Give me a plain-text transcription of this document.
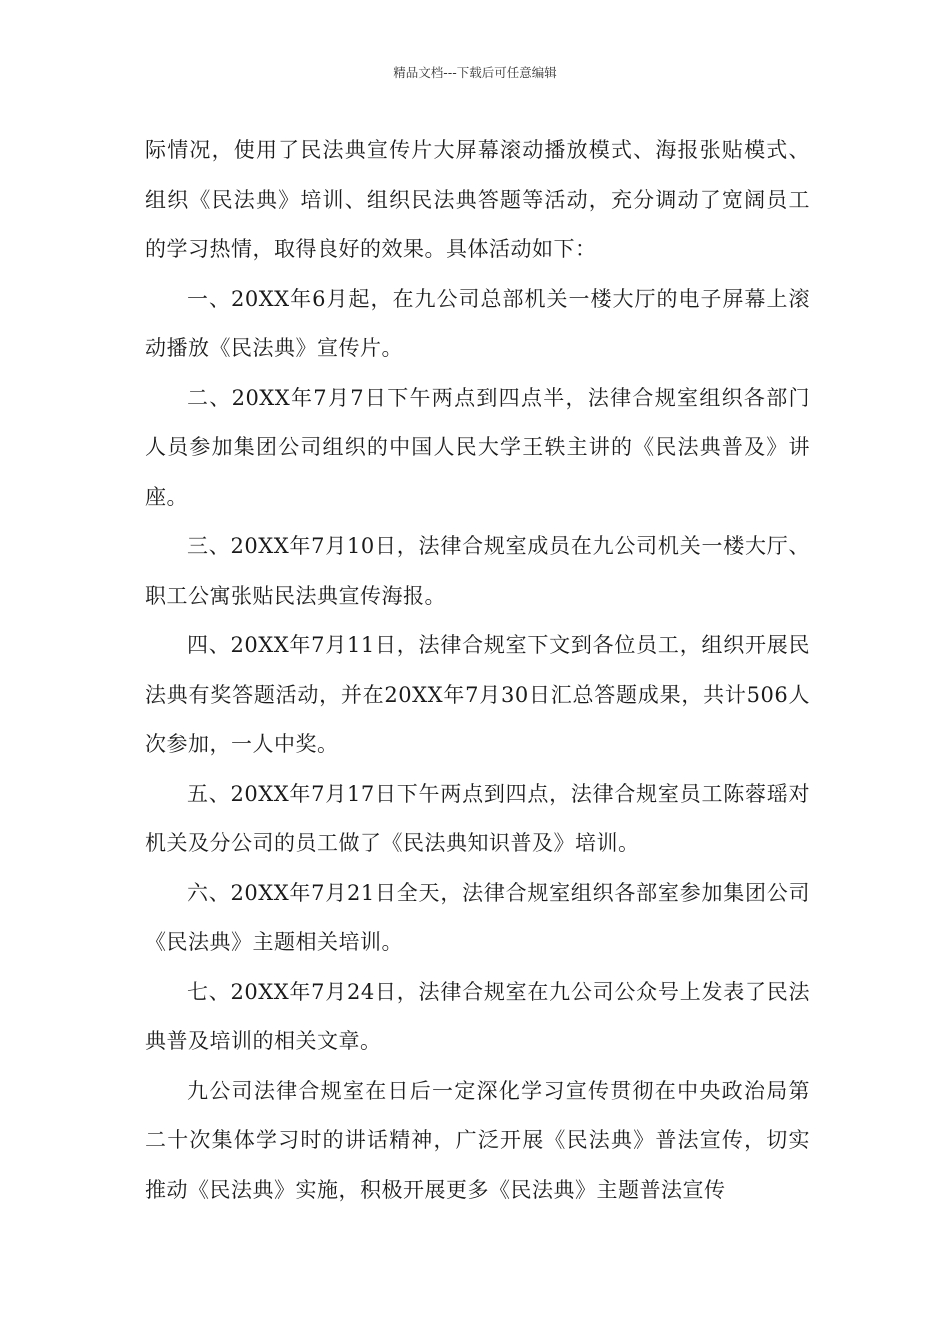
精品文档---下载后可任意编辑

际情况，使用了民法典宣传片大屏幕滚动播放模式、海报张贴模式、组织《民法典》培训、组织民法典答题等活动，充分调动了宽阔员工的学习热情，取得良好的效果。具体活动如下：

一、20XX年6月起，在九公司总部机关一楼大厅的电子屏幕上滚动播放《民法典》宣传片。

二、20XX年7月7日下午两点到四点半，法律合规室组织各部门人员参加集团公司组织的中国人民大学王轶主讲的《民法典普及》讲座。

三、20XX年7月10日，法律合规室成员在九公司机关一楼大厅、职工公寓张贴民法典宣传海报。

四、20XX年7月11日，法律合规室下文到各位员工，组织开展民法典有奖答题活动，并在20XX年7月30日汇总答题成果，共计506人次参加，一人中奖。

五、20XX年7月17日下午两点到四点，法律合规室员工陈蓉瑶对机关及分公司的员工做了《民法典知识普及》培训。

六、20XX年7月21日全天，法律合规室组织各部室参加集团公司《民法典》主题相关培训。

七、20XX年7月24日，法律合规室在九公司公众号上发表了民法典普及培训的相关文章。

九公司法律合规室在日后一定深化学习宣传贯彻在中央政治局第二十次集体学习时的讲话精神，广泛开展《民法典》普法宣传，切实推动《民法典》实施，积极开展更多《民法典》主题普法宣传
